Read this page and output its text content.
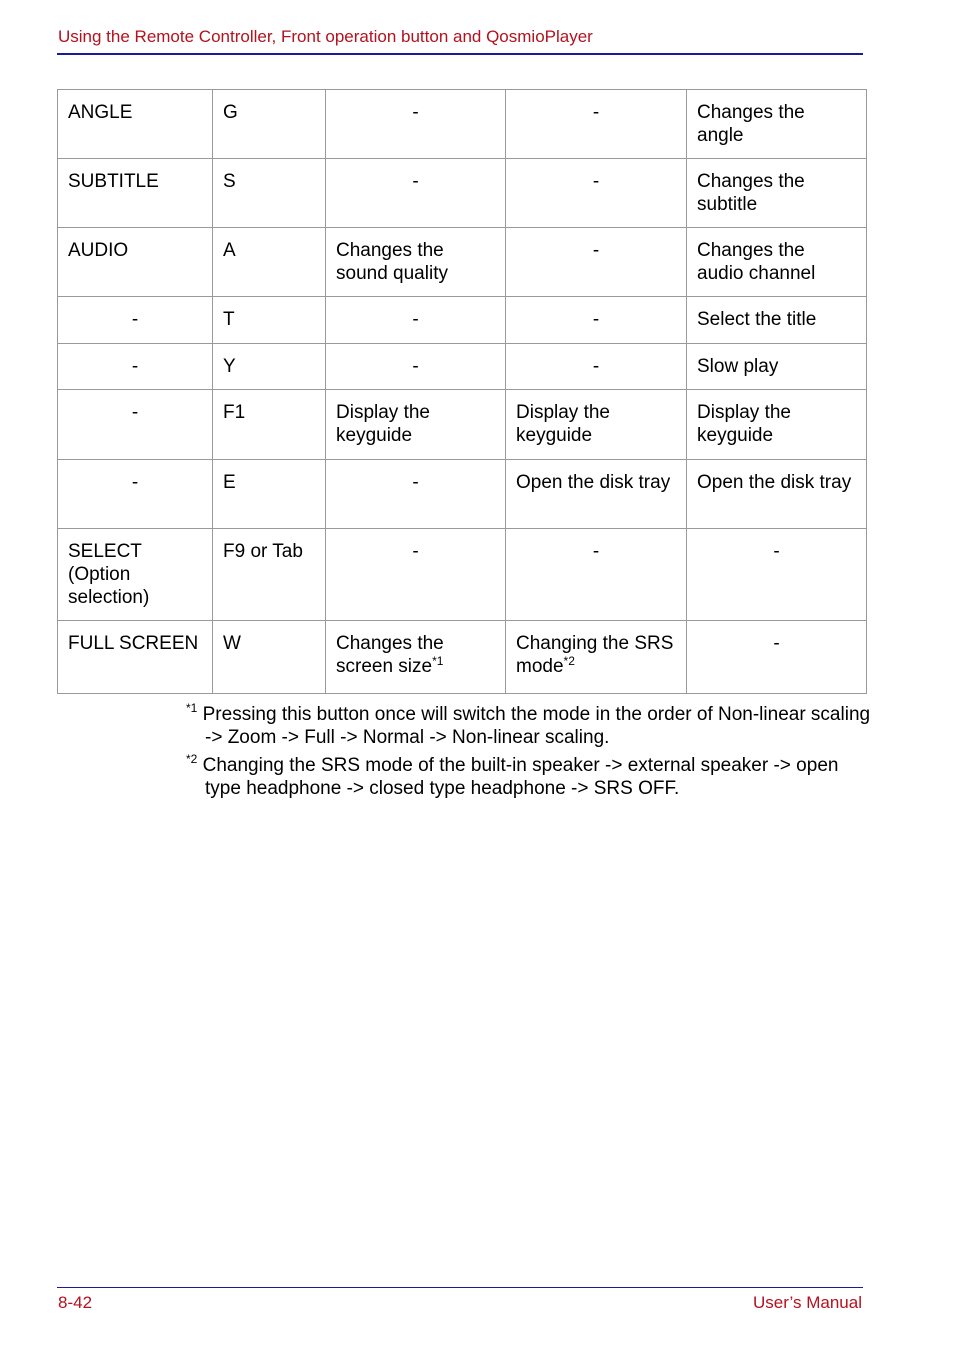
Using the Remote Controller, Front operation button and QosmioPlayer
ANGLE	G	-	-	Changes the angle
SUBTITLE	S	-	-	Changes the subtitle
AUDIO	A	Changes the sound quality	-	Changes the audio channel
-	T	-	-	Select the title
-	Y	-	-	Slow play
-	F1	Display the keyguide	Display the keyguide	Display the keyguide
-	E	-	Open the disk tray	Open the disk tray
SELECT (Option selection)	F9 or Tab	-	-	-
FULL SCREEN	W	Changes the screen size$^{*1}$	Changing the SRS mode$^{*2}$	-
$^{*1}$ Pressing this button once will switch the mode in the order of Non-linear scaling -> Zoom -> Full -> Normal -> Non-linear scaling.
$^{*2}$ Changing the SRS mode of the built-in speaker -> external speaker -> open type headphone -> closed type headphone -> SRS OFF.
8-42	User’s Manual
